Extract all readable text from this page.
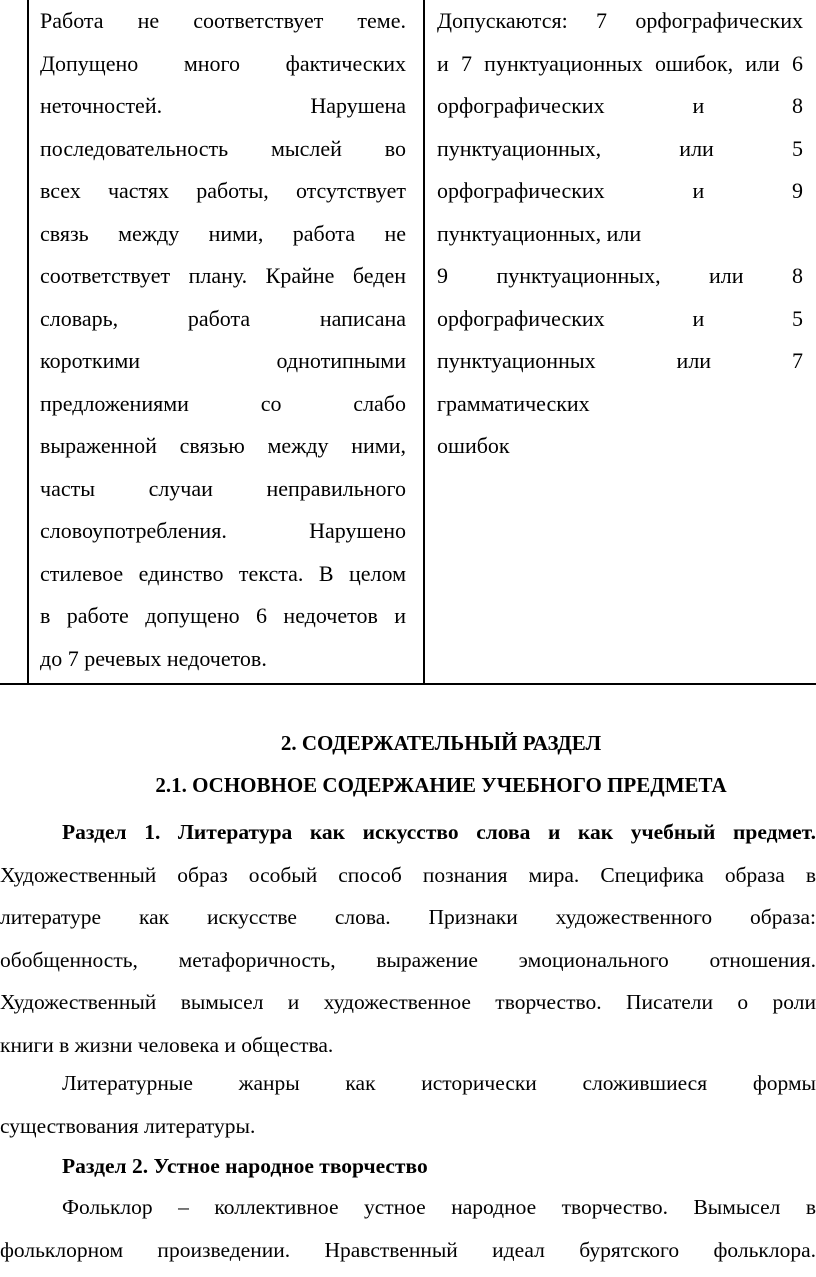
Работа не соответствует теме.
Допущено много фактических
неточностей. Нарушена
последовательность мыслей во
всех частях работы, отсутствует
связь между ними, работа не
соответствует плану. Крайне беден
словарь, работа написана
короткими однотипными
предложениями со слабо
выраженной связью между ними,
часты случаи неправильного
словоупотребления. Нарушено
стилевое единство текста. В целом
в работе допущено 6 недочетов и
до 7 речевых недочетов.
Допускаются: 7 орфографических
и 7 пунктуационных ошибок, или 6
орфографических и 8
пунктуационных, или 5
орфографических и 9
пунктуационных, или
9 пунктуационных, или 8
орфографических и 5
пунктуационных или 7
грамматических
ошибок
2. СОДЕРЖАТЕЛЬНЫЙ РАЗДЕЛ
2.1. ОСНОВНОЕ СОДЕРЖАНИЕ УЧЕБНОГО ПРЕДМЕТА
Раздел 1. Литература как искусство слова и как учебный предмет.
Художественный образ особый способ познания мира. Специфика образа в
литературе как искусстве слова. Признаки художественного образа:
обобщенность, метафоричность, выражение эмоционального отношения.
Художественный вымысел и художественное творчество. Писатели о роли
книги в жизни человека и общества.
Литературные жанры как исторически сложившиеся формы
существования литературы.
Раздел 2. Устное народное творчество
Фольклор – коллективное устное народное творчество. Вымысел в
фольклорном произведении. Нравственный идеал бурятского фольклора.
